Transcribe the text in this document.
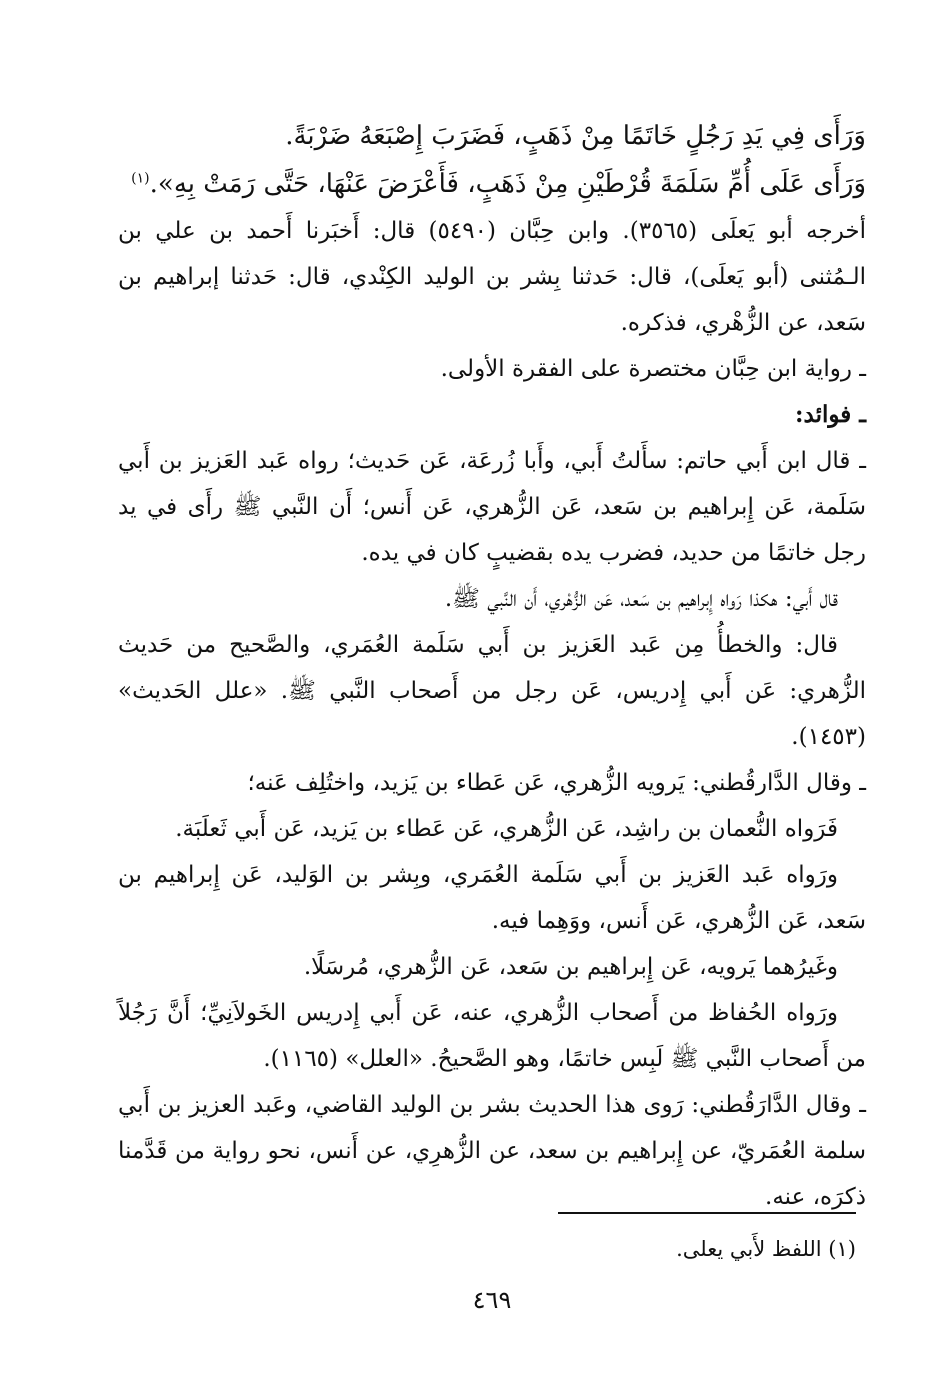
وَرَأَى فِي يَدِ رَجُلٍ خَاتَمًا مِنْ ذَهَبٍ، فَضَرَبَ إِصْبَعَهُ ضَرْبَةً.

وَرَأَى عَلَى أُمِّ سَلَمَةَ قُرْطَيْنِ مِنْ ذَهَبٍ، فَأَعْرَضَ عَنْهَا، حَتَّى رَمَتْ بِهِ».$^{(١)}$

أخرجه أبو يَعلَى (٣٥٦٥). وابن حِبَّان (٥٤٩٠) قال: أَخبَرنا أَحمد بن علي بن الـمُثنى (أبو يَعلَى)، قال: حَدثنا بِشر بن الوليد الكِنْدي، قال: حَدثنا إبراهيم بن سَعد، عن الزُّهْري، فذكره.

ـ رواية ابن حِبَّان مختصرة على الفقرة الأولى.

ـ فوائد:

ـ قال ابن أَبي حاتم: سأَلتُ أَبي، وأَبا زُرعَة، عَن حَديث؛ رواه عَبد العَزيز بن أَبي سَلَمة، عَن إِبراهيم بن سَعد، عَن الزُّهري، عَن أَنس؛ أَن النَّبي ﷺ رأَى في يد رجل خاتمًا من حديد، فضرب يده بقضيبٍ كان في يده.

قال أَبي: هكذا رَواه إِبراهيم بن سَعد، عَن الزُّهْري، أَن النَّبي ﷺ.

قال: والخطأُ مِن عَبد العَزيز بن أَبي سَلَمة العُمَري، والصَّحيح من حَديث الزُّهري: عَن أَبي إِدريس، عَن رجل من أَصحاب النَّبي ﷺ. «علل الحَديث» (١٤٥٣).

ـ وقال الدَّارقُطني: يَرويه الزُّهري، عَن عَطاء بن يَزيد، واختُلِف عَنه؛

فَرَواه النُّعمان بن راشِد، عَن الزُّهري، عَن عَطاء بن يَزيد، عَن أَبي ثَعلَبَة.

ورَواه عَبد العَزيز بن أَبي سَلَمة العُمَري، وبِشر بن الوَليد، عَن إِبراهيم بن سَعد، عَن الزُّهري، عَن أَنس، ووَهِما فيه.

وغَيرُهما يَرويه، عَن إِبراهيم بن سَعد، عَن الزُّهري، مُرسَلًا.

ورَواه الحُفاظ من أَصحاب الزُّهري، عنه، عَن أَبي إِدريس الخَولاَنِيِّ؛ أَنَّ رَجُلاً من أَصحاب النَّبي ﷺ لَبِس خاتمًا، وهو الصَّحيحُ. «العلل» (١١٦٥).

ـ وقال الدَّارَقُطني: رَوى هذا الحديث بشر بن الوليد القاضي، وعَبد العزيز بن أَبي سلمة العُمَريّ، عن إِبراهيم بن سعد، عن الزُّهرِي، عن أَنس، نحو رواية من قَدَّمنا ذكرَه، عنه.

(١) اللفظ لأَبي يعلى.
٤٦٩
